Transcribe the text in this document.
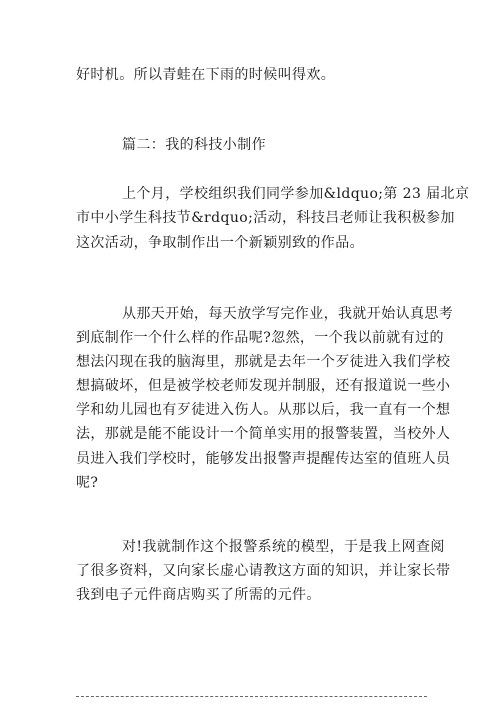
好时机。所以青蛙在下雨的时候叫得欢。
篇二：我的科技小制作
上个月，学校组织我们同学参加&ldquo;第 23 届北京
市中小学生科技节&rdquo;活动，科技吕老师让我积极参加
这次活动，争取制作出一个新颖别致的作品。
从那天开始，每天放学写完作业，我就开始认真思考
到底制作一个什么样的作品呢?忽然，一个我以前就有过的
想法闪现在我的脑海里，那就是去年一个歹徒进入我们学校
想搞破坏，但是被学校老师发现并制服，还有报道说一些小
学和幼儿园也有歹徒进入伤人。从那以后，我一直有一个想
法，那就是能不能设计一个简单实用的报警装置，当校外人
员进入我们学校时，能够发出报警声提醒传达室的值班人员
呢?
对!我就制作这个报警系统的模型，于是我上网查阅
了很多资料，又向家长虚心请教这方面的知识，并让家长带
我到电子元件商店购买了所需的元件。
